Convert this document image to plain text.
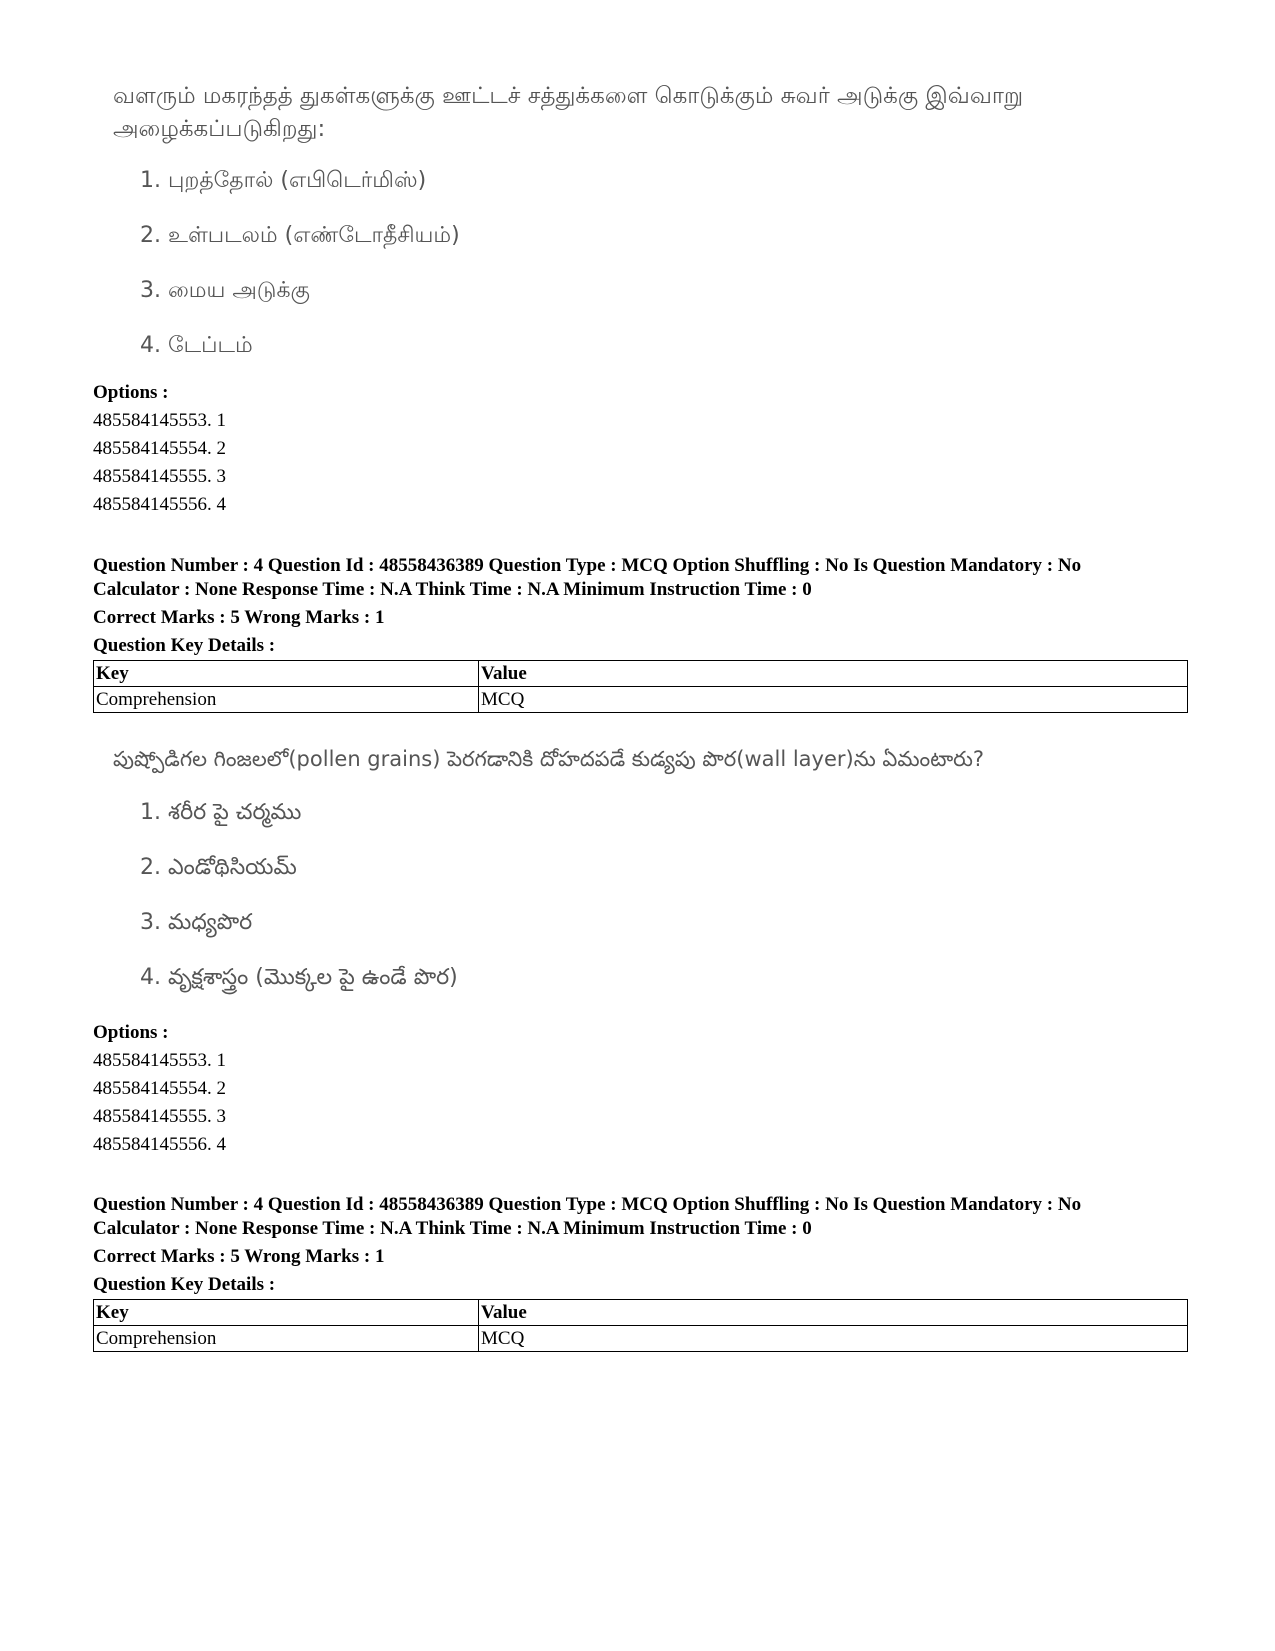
வளரும் மகரந்தத் துகள்களுக்கு ஊட்டச் சத்துக்களை கொடுக்கும் சுவர் அடுக்கு இவ்வாறு அழைக்கப்படுகிறது:

1. புறத்தோல் (எபிடெர்மிஸ்)

2. உள்படலம் (எண்டோதீசியம்)

3. மைய அடுக்கு

4. டேப்டம்

Options :
485584145553. 1
485584145554. 2
485584145555. 3
485584145556. 4

Question Number : 4 Question Id : 48558436389 Question Type : MCQ Option Shuffling : No Is Question Mandatory : No

Calculator : None Response Time : N.A Think Time : N.A Minimum Instruction Time : 0

Correct Marks : 5 Wrong Marks : 1

Question Key Details :

Key	Value
Comprehension	MCQ

పుష్పోడిగల గింజలలో(pollen grains) పెరగడానికి దోహదపడే కుడ్యపు పొర(wall layer)ను ఏమంటారు?

1. శరీర పై చర్మము

2. ఎండోథిసియమ్

3. మధ్యపొర

4. వృక్షశాస్త్రం (మొక్కల పై ఉండే పొర)

Options :
485584145553. 1
485584145554. 2
485584145555. 3
485584145556. 4

Question Number : 4 Question Id : 48558436389 Question Type : MCQ Option Shuffling : No Is Question Mandatory : No

Calculator : None Response Time : N.A Think Time : N.A Minimum Instruction Time : 0

Correct Marks : 5 Wrong Marks : 1

Question Key Details :

Key	Value
Comprehension	MCQ
